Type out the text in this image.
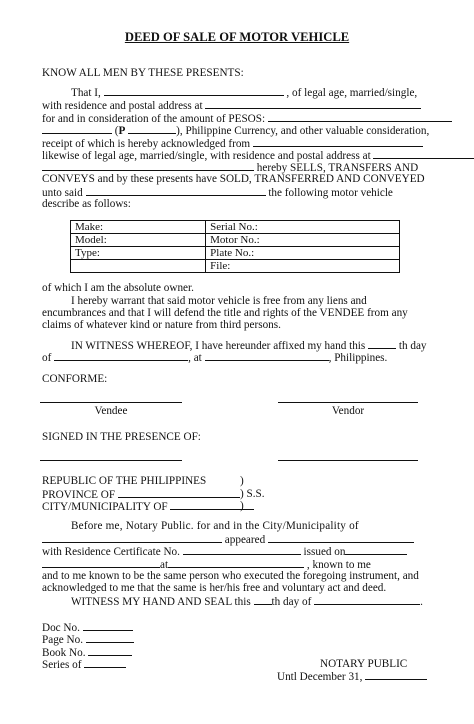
DEED OF SALE OF MOTOR VEHICLE
KNOW ALL MEN BY THESE PRESENTS:
That I,	, of legal age, married/single,
with residence and postal address at
for and in consideration of the amount of PESOS:
(P	), Philippine Currency, and other valuable consideration,
receipt of which is hereby acknowledged from
likewise of legal age, married/single, with residence and postal address at
hereby SELLS, TRANSFERS AND
CONVEYS and by these presents have SOLD, TRANSFERRED AND CONVEYED
unto said	the following motor vehicle
describe as follows:
Make:	Serial No.:
Model:	Motor No.:
Type:	Plate No.:
	File:
of which I am the absolute owner.
I hereby warrant that said motor vehicle is free from any liens and
encumbrances and that I will defend the title and rights of the VENDEE from any
claims of whatever kind or nature from third persons.
IN WITNESS WHEREOF, I have hereunder affixed my hand this	th day
of	, at	, Philippines.
CONFORME:
Vendee	Vendor
SIGNED IN THE PRESENCE OF:
REPUBLIC OF THE PHILIPPINES	)
PROVINCE OF	) S.S.
CITY/MUNICIPALITY OF	)
Before me, Notary Public. for and in the City/Municipality of
appeared
with Residence Certificate No.	issued on
at	, known to me
and to me known to be the same person who executed the foregoing instrument, and
acknowledged to me that the same is her/his free and voluntary act and deed.
WITNESS MY HAND AND SEAL this th day of	.
Doc No.
Page No.
Book No.
Series of	NOTARY PUBLIC
Untl December 31,
